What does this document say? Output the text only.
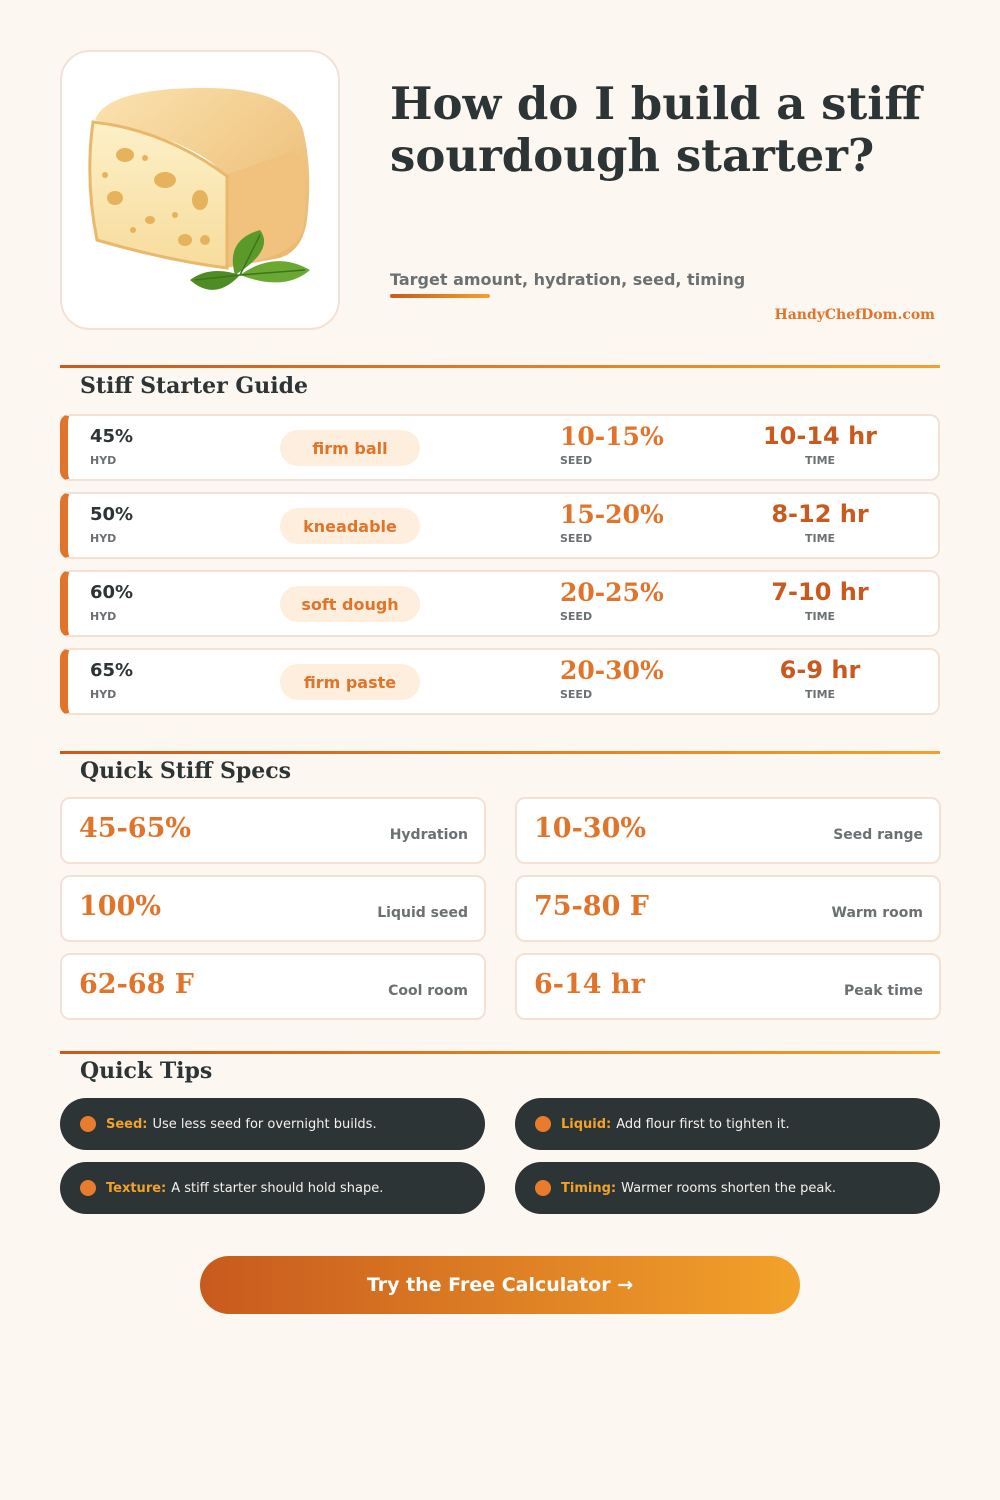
How do I build a stiff sourdough starter?
Target amount, hydration, seed, timing
HandyChefDom.com
Stiff Starter Guide
45%
HYD
firm ball	10-15%
SEED
10-14 hr
TIME
50%
HYD
kneadable	15-20%
SEED
8-12 hr
TIME
60%
HYD
soft dough	20-25%
SEED
7-10 hr
TIME
65%
HYD
firm paste	20-30%
SEED
6-9 hr
TIME
Quick Stiff Specs
45-65%	Hydration 10-30%	Seed range
100%	Liquid seed 75-80 F	Warm room
62-68 F	Cool room 6-14 hr	Peak time
Quick Tips
Seed: Use less seed for overnight builds.	Liquid: Add flour first to tighten it.
Texture: A stiff starter should hold shape.	Timing: Warmer rooms shorten the peak.
Try the Free Calculator →
